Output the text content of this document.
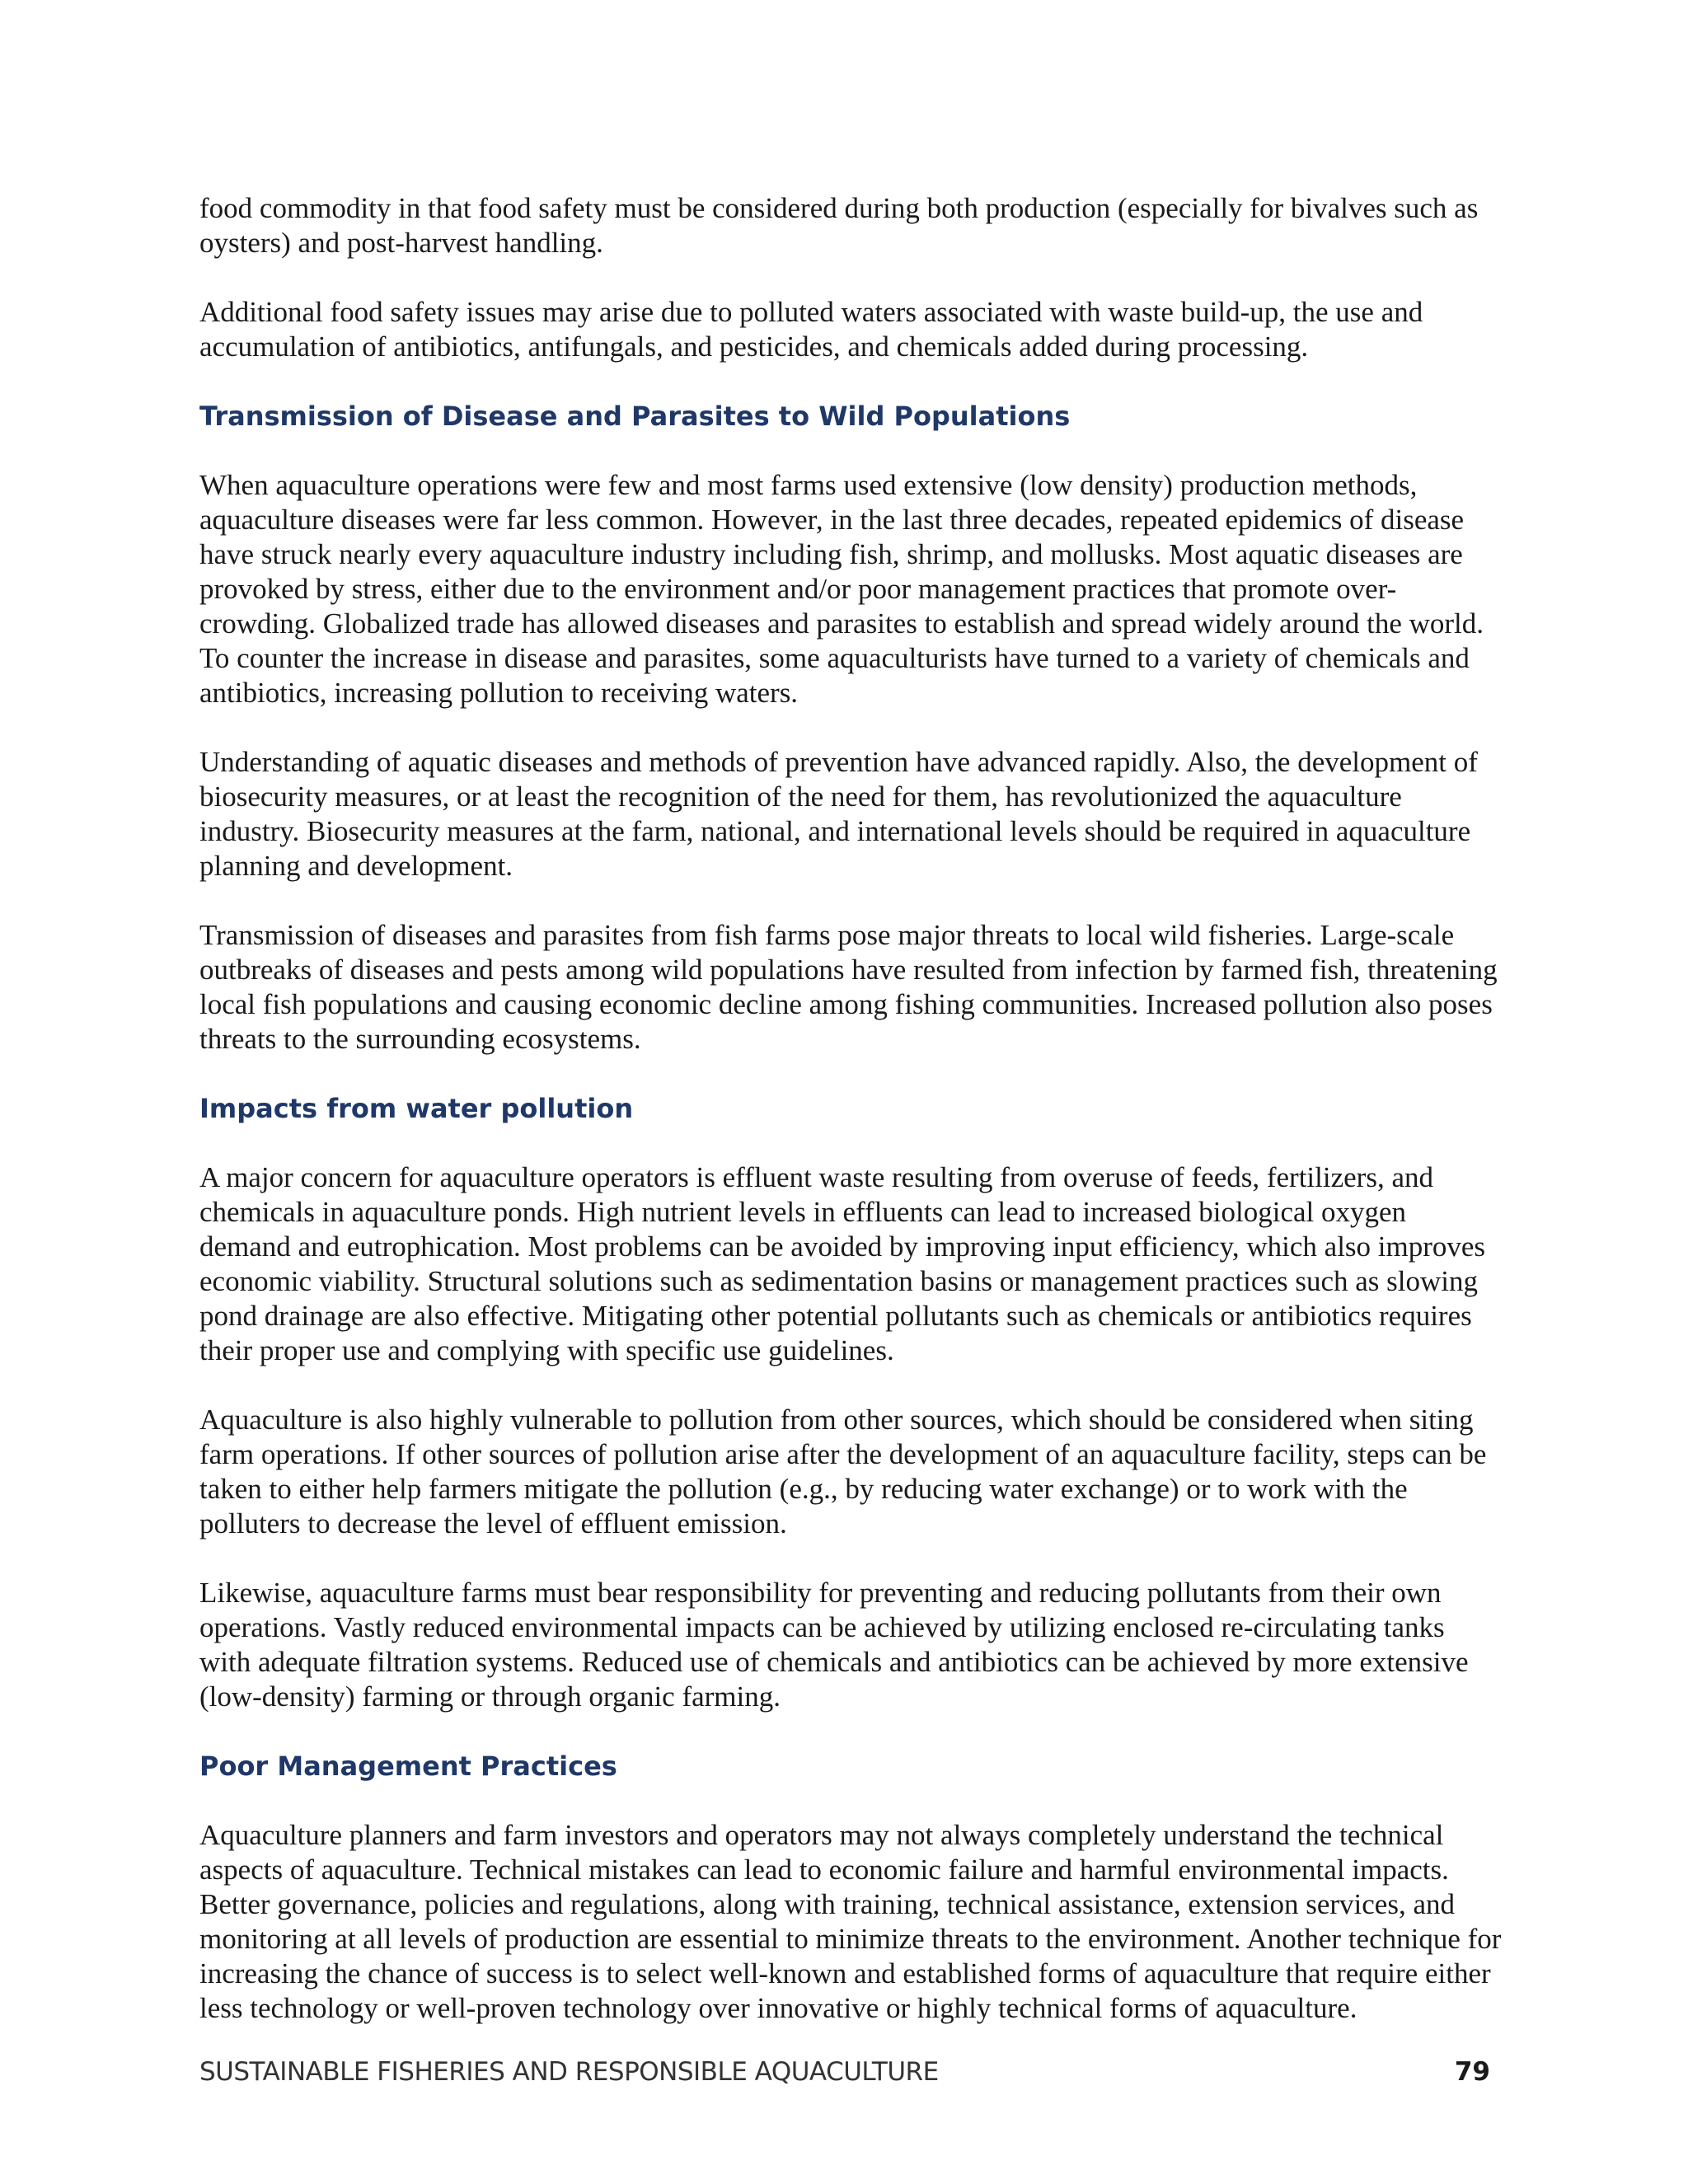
food commodity in that food safety must be considered during both production (especially for bivalves such as oysters) and post-harvest handling.

Additional food safety issues may arise due to polluted waters associated with waste build-up, the use and accumulation of antibiotics, antifungals, and pesticides, and chemicals added during processing.

Transmission of Disease and Parasites to Wild Populations

When aquaculture operations were few and most farms used extensive (low density) production methods, aquaculture diseases were far less common. However, in the last three decades, repeated epidemics of disease have struck nearly every aquaculture industry including fish, shrimp, and mollusks. Most aquatic diseases are provoked by stress, either due to the environment and/or poor management practices that promote over-crowding. Globalized trade has allowed diseases and parasites to establish and spread widely around the world. To counter the increase in disease and parasites, some aquaculturists have turned to a variety of chemicals and antibiotics, increasing pollution to receiving waters.

Understanding of aquatic diseases and methods of prevention have advanced rapidly. Also, the development of biosecurity measures, or at least the recognition of the need for them, has revolutionized the aquaculture industry. Biosecurity measures at the farm, national, and international levels should be required in aquaculture planning and development.

Transmission of diseases and parasites from fish farms pose major threats to local wild fisheries. Large-scale outbreaks of diseases and pests among wild populations have resulted from infection by farmed fish, threatening local fish populations and causing economic decline among fishing communities. Increased pollution also poses threats to the surrounding ecosystems.

Impacts from water pollution

A major concern for aquaculture operators is effluent waste resulting from overuse of feeds, fertilizers, and chemicals in aquaculture ponds. High nutrient levels in effluents can lead to increased biological oxygen demand and eutrophication. Most problems can be avoided by improving input efficiency, which also improves economic viability. Structural solutions such as sedimentation basins or management practices such as slowing pond drainage are also effective. Mitigating other potential pollutants such as chemicals or antibiotics requires their proper use and complying with specific use guidelines.

Aquaculture is also highly vulnerable to pollution from other sources, which should be considered when siting farm operations. If other sources of pollution arise after the development of an aquaculture facility, steps can be taken to either help farmers mitigate the pollution (e.g., by reducing water exchange) or to work with the polluters to decrease the level of effluent emission.

Likewise, aquaculture farms must bear responsibility for preventing and reducing pollutants from their own operations. Vastly reduced environmental impacts can be achieved by utilizing enclosed re-circulating tanks with adequate filtration systems. Reduced use of chemicals and antibiotics can be achieved by more extensive (low-density) farming or through organic farming.

Poor Management Practices

Aquaculture planners and farm investors and operators may not always completely understand the technical aspects of aquaculture. Technical mistakes can lead to economic failure and harmful environmental impacts. Better governance, policies and regulations, along with training, technical assistance, extension services, and monitoring at all levels of production are essential to minimize threats to the environment. Another technique for increasing the chance of success is to select well-known and established forms of aquaculture that require either less technology or well-proven technology over innovative or highly technical forms of aquaculture.

SUSTAINABLE FISHERIES AND RESPONSIBLE AQUACULTURE	79
